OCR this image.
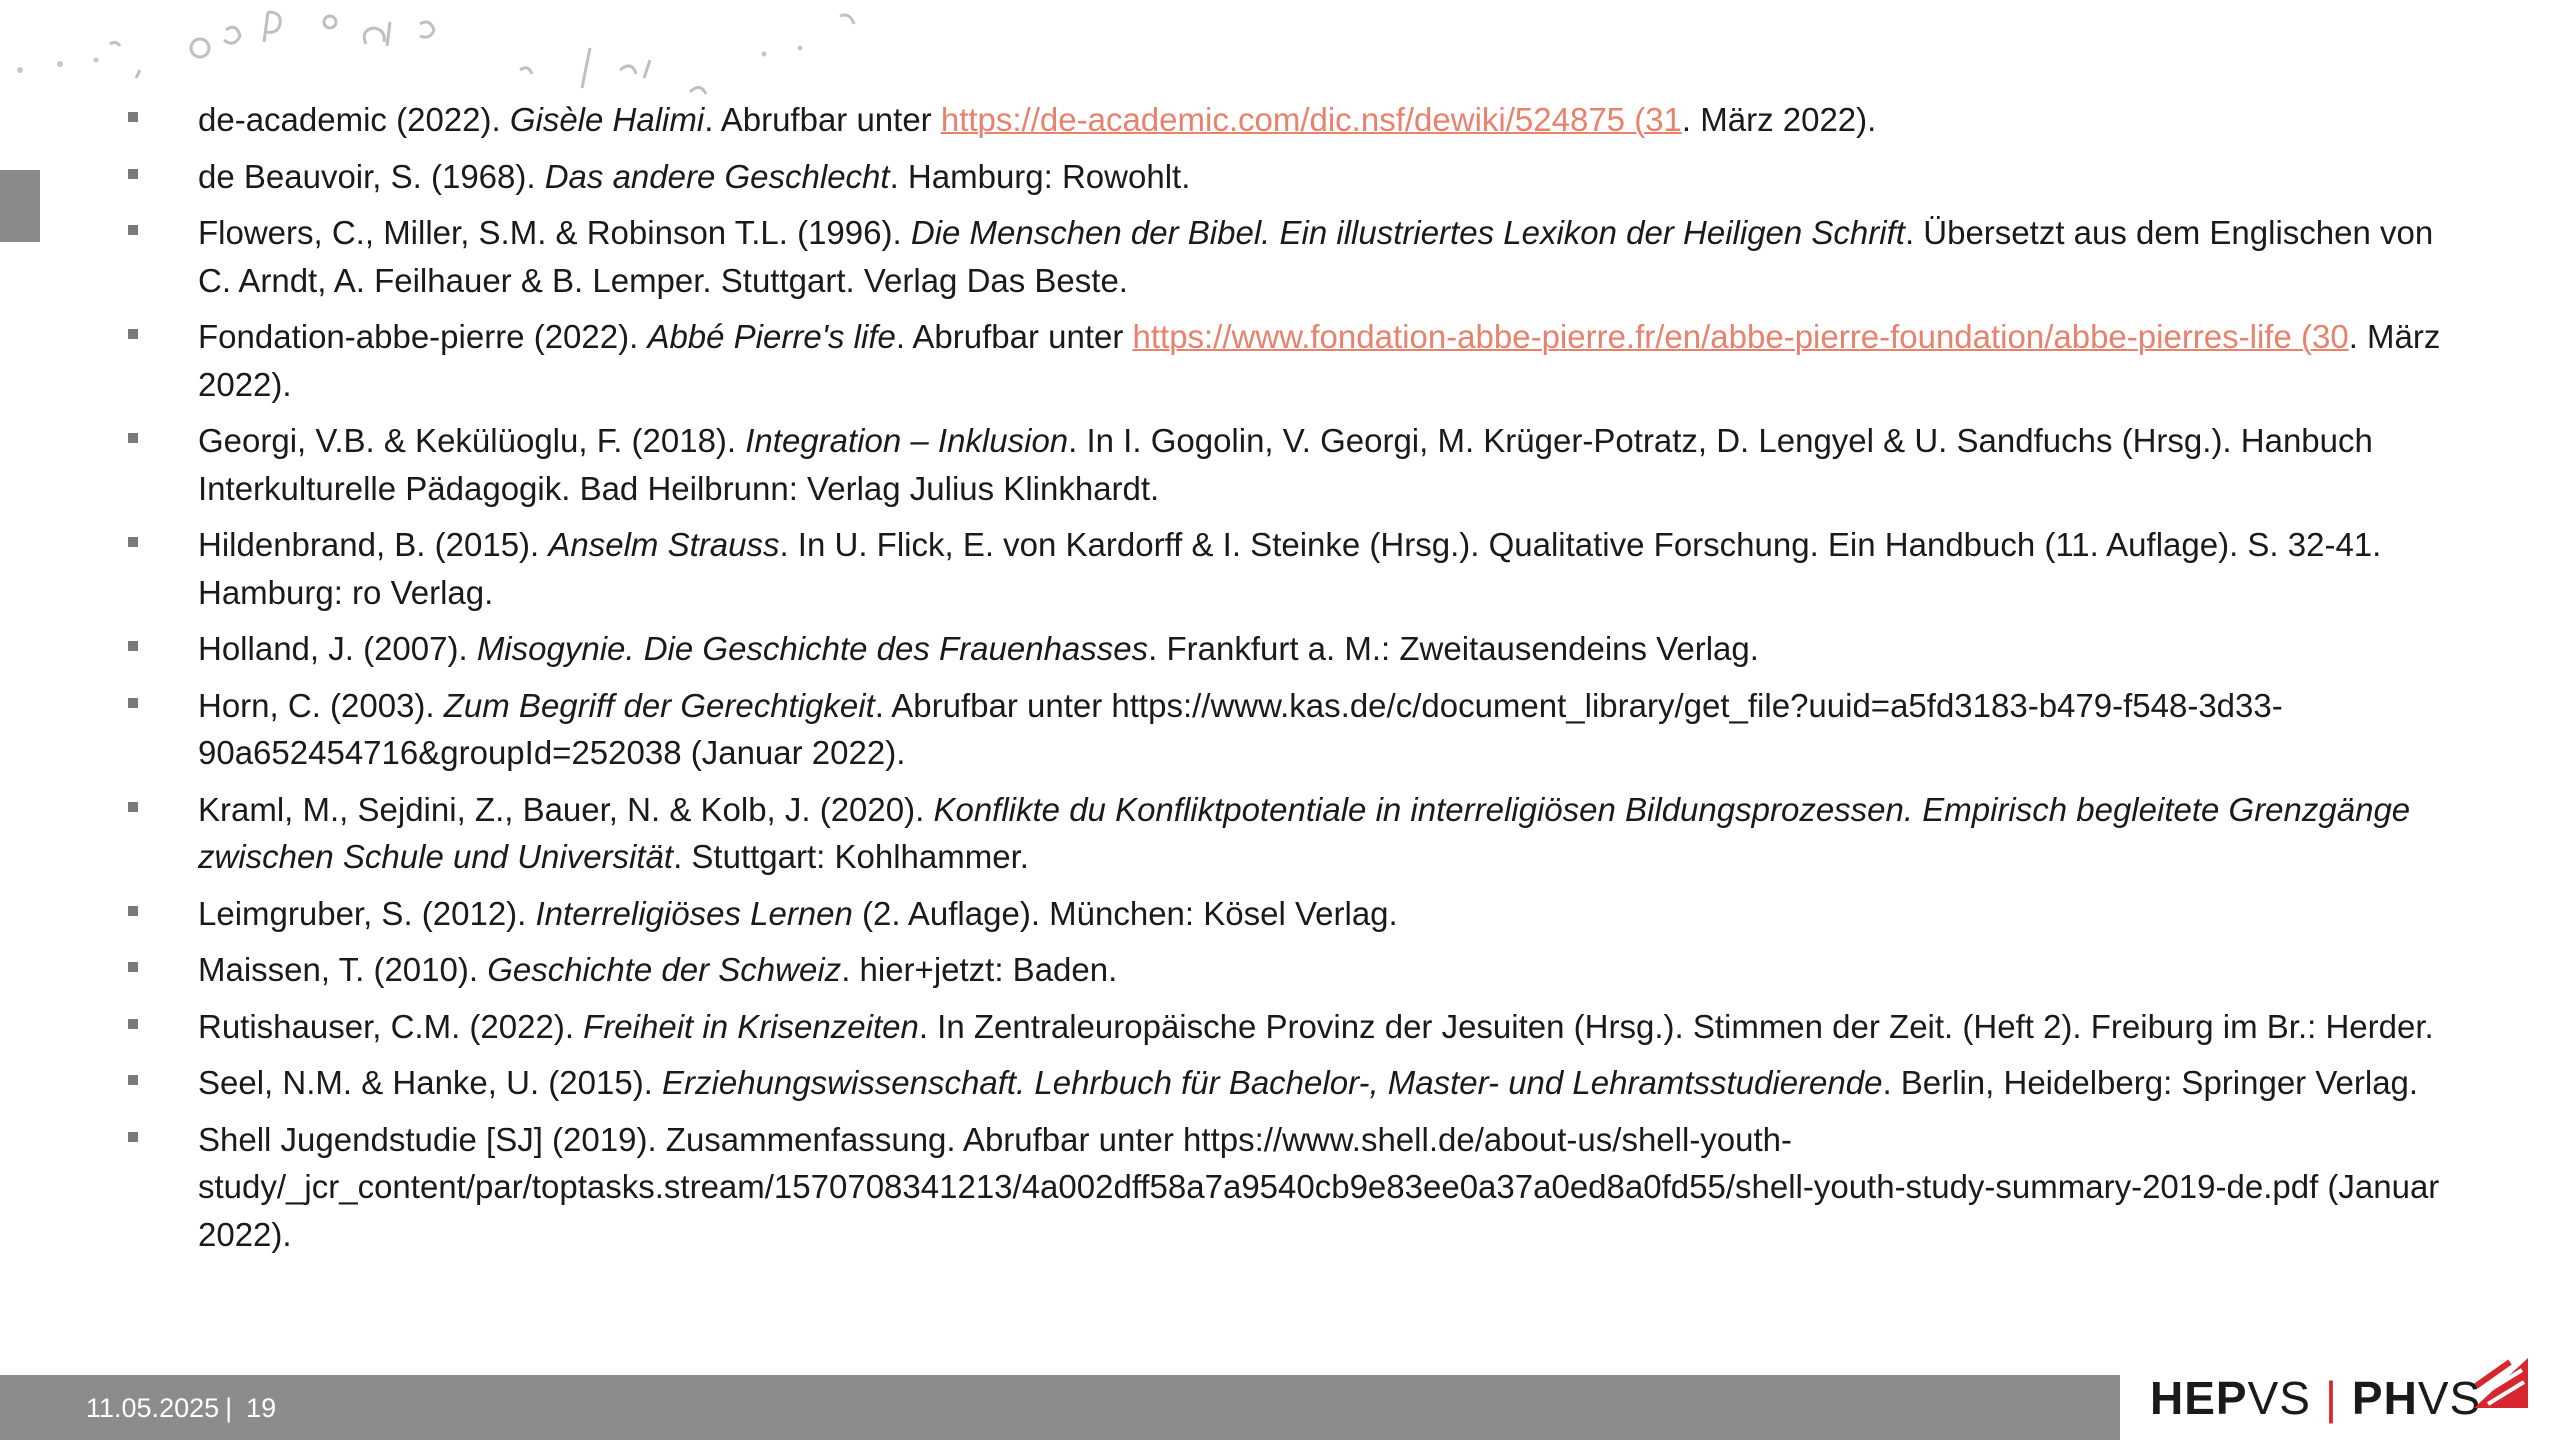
de-academic (2022). Gisèle Halimi. Abrufbar unter https://de-academic.com/dic.nsf/dewiki/524875 (31. März 2022).
de Beauvoir, S. (1968). Das andere Geschlecht. Hamburg: Rowohlt.
Flowers, C., Miller, S.M. & Robinson T.L. (1996). Die Menschen der Bibel. Ein illustriertes Lexikon der Heiligen Schrift. Übersetzt aus dem Englischen von C. Arndt, A. Feilhauer & B. Lemper. Stuttgart. Verlag Das Beste.
Fondation-abbe-pierre (2022). Abbé Pierre's life. Abrufbar unter https://www.fondation-abbe-pierre.fr/en/abbe-pierre-foundation/abbe-pierres-life (30. März 2022).
Georgi, V.B. & Kekülüoglu, F. (2018). Integration – Inklusion. In I. Gogolin, V. Georgi, M. Krüger-Potratz, D. Lengyel & U. Sandfuchs (Hrsg.). Hanbuch Interkulturelle Pädagogik. Bad Heilbrunn: Verlag Julius Klinkhardt.
Hildenbrand, B. (2015). Anselm Strauss. In U. Flick, E. von Kardorff & I. Steinke (Hrsg.). Qualitative Forschung. Ein Handbuch (11. Auflage). S. 32-41. Hamburg: ro Verlag.
Holland, J. (2007). Misogynie. Die Geschichte des Frauenhasses. Frankfurt a. M.: Zweitausendeins Verlag.
Horn, C. (2003). Zum Begriff der Gerechtigkeit. Abrufbar unter https://www.kas.de/c/document_library/get_file?uuid=a5fd3183-b479-f548-3d33-90a652454716&groupId=252038 (Januar 2022).
Kraml, M., Sejdini, Z., Bauer, N. & Kolb, J. (2020). Konflikte du Konfliktpotentiale in interreligiösen Bildungsprozessen. Empirisch begleitete Grenzgänge zwischen Schule und Universität. Stuttgart: Kohlhammer.
Leimgruber, S. (2012). Interreligiöses Lernen (2. Auflage). München: Kösel Verlag.
Maissen, T. (2010). Geschichte der Schweiz. hier+jetzt: Baden.
Rutishauser, C.M. (2022). Freiheit in Krisenzeiten. In Zentraleuropäische Provinz der Jesuiten (Hrsg.). Stimmen der Zeit. (Heft 2). Freiburg im Br.: Herder.
Seel, N.M. & Hanke, U. (2015). Erziehungswissenschaft. Lehrbuch für Bachelor-, Master- und Lehramtsstudierende. Berlin, Heidelberg: Springer Verlag.
Shell Jugendstudie [SJ] (2019). Zusammenfassung. Abrufbar unter https://www.shell.de/about-us/shell-youth-study/_jcr_content/par/toptasks.stream/1570708341213/4a002dff58a7a9540cb9e83ee0a37a0ed8a0fd55/shell-youth-study-summary-2019-de.pdf (Januar 2022).
11.05.2025 | 19	HEPVS | PHVS
